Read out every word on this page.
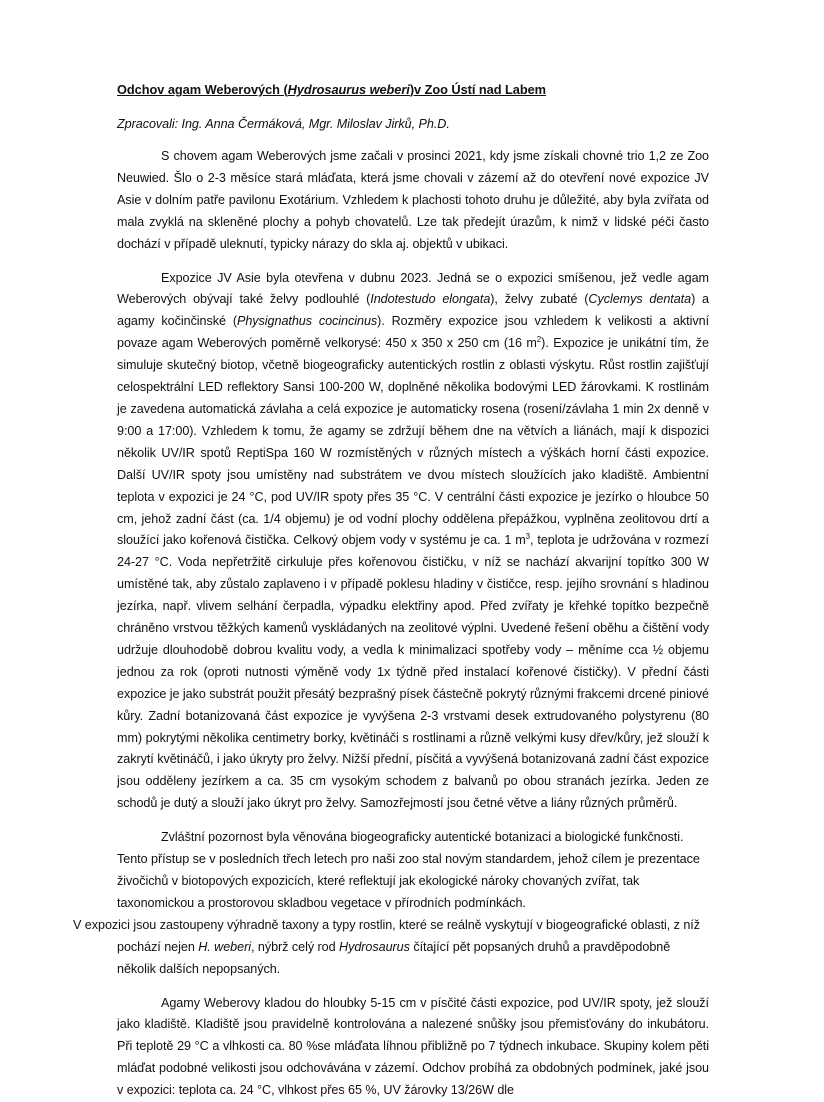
Odchov agam Weberových (Hydrosaurus weberi)v Zoo Ústí nad Labem

Zpracovali: Ing. Anna Čermáková, Mgr. Miloslav Jirků, Ph.D.

S chovem agam Weberových jsme začali v prosinci 2021, kdy jsme získali chovné trio 1,2 ze Zoo Neuwied. Šlo o 2-3 měsíce stará mláďata, která jsme chovali v zázemí až do otevření nové expozice JV Asie v dolním patře pavilonu Exotárium. Vzhledem k plachosti tohoto druhu je důležité, aby byla zvířata od mala zvyklá na skleněné plochy a pohyb chovatelů. Lze tak předejít úrazům, k nimž v lidské péči často dochází v případě uleknutí, typicky nárazy do skla aj. objektů v ubikaci.

Expozice JV Asie byla otevřena v dubnu 2023. Jedná se o expozici smíšenou, jež vedle agam Weberových obývají také želvy podlouhlé (Indotestudo elongata), želvy zubaté (Cyclemys dentata) a agamy kočinčinské (Physignathus cocincinus). Rozměry expozice jsou vzhledem k velikosti a aktivní povaze agam Weberových poměrně velkorysé: 450 x 350 x 250 cm (16 $m^2$). Expozice je unikátní tím, že simuluje skutečný biotop, včetně biogeograficky autentických rostlin z oblasti výskytu. Růst rostlin zajišťují celospektrální LED reflektory Sansi 100-200 W, doplněné několika bodovými LED žárovkami. K rostlinám je zavedena automatická závlaha a celá expozice je automaticky rosena (rosení/závlaha 1 min 2x denně v 9:00 a 17:00). Vzhledem k tomu, že agamy se zdržují během dne na větvích a liánách, mají k dispozici několik UV/IR spotů ReptiSpa 160 W rozmístěných v různých místech a výškách horní části expozice. Další UV/IR spoty jsou umístěny nad substrátem ve dvou místech sloužících jako kladiště. Ambientní teplota v expozici je 24 °C, pod UV/IR spoty přes 35 °C. V centrální části expozice je jezírko o hloubce 50 cm, jehož zadní část (ca. 1/4 objemu) je od vodní plochy oddělena přepážkou, vyplněna zeolitovou drtí a sloužící jako kořenová čistička. Celkový objem vody v systému je ca. 1 $m^3$, teplota je udržována v rozmezí 24-27 °C. Voda nepřetržitě cirkuluje přes kořenovou čističku, v níž se nachází akvarijní topítko 300 W umístěné tak, aby zůstalo zaplaveno i v případě poklesu hladiny v čističce, resp. jejího srovnání s hladinou jezírka, např. vlivem selhání čerpadla, výpadku elektřiny apod. Před zvířaty je křehké topítko bezpečně chráněno vrstvou těžkých kamenů vyskládaných na zeolitové výplni. Uvedené řešení oběhu a čištění vody udržuje dlouhodobě dobrou kvalitu vody, a vedla k minimalizaci spotřeby vody – měníme cca ½ objemu jednou za rok (oproti nutnosti výměně vody 1x týdně před instalací kořenové čističky). V přední části expozice je jako substrát použit přesátý bezprašný písek částečně pokrytý různými frakcemi drcené piniové kůry. Zadní botanizovaná část expozice je vyvýšena 2-3 vrstvami desek extrudovaného polystyrenu (80 mm) pokrytými několika centimetry borky, květináči s rostlinami a různě velkými kusy dřev/kůry, jež slouží k zakrytí květináčů, i jako úkryty pro želvy. Nižší přední, písčitá a vyvýšená botanizovaná zadní část expozice jsou odděleny jezírkem a ca. 35 cm vysokým schodem z balvanů po obou stranách jezírka. Jeden ze schodů je dutý a slouží jako úkryt pro želvy. Samozřejmostí jsou četné větve a liány různých průměrů.

Zvláštní pozornost byla věnována biogeograficky autentické botanizaci a biologické funkčnosti. Tento přístup se v posledních třech letech pro naši zoo stal novým standardem, jehož cílem je prezentace živočichů v biotopových expozicích, které reflektují jak ekologické nároky chovaných zvířat, tak taxonomickou a prostorovou skladbou vegetace v přírodních podmínkách.
V expozici jsou zastoupeny výhradně taxony a typy rostlin, které se reálně vyskytují v biogeografické oblasti, z níž pochází nejen H. weberi, nýbrž celý rod Hydrosaurus čítající pět popsaných druhů a pravděpodobně několik dalších nepopsaných.

Agamy Weberovy kladou do hloubky 5-15 cm v písčité části expozice, pod UV/IR spoty, jež slouží jako kladiště. Kladiště jsou pravidelně kontrolována a nalezené snůšky jsou přemisťovány do inkubátoru. Při teplotě 29 °C a vlhkosti ca. 80 %se mláďata líhnou přibližně po 7 týdnech inkubace. Skupiny kolem pěti mláďat podobné velikosti jsou odchovávána v zázemí. Odchov probíhá za obdobných podmínek, jaké jsou v expozici: teplota ca. 24 °C, vlhkost přes 65 %, UV žárovky 13/26W dle
